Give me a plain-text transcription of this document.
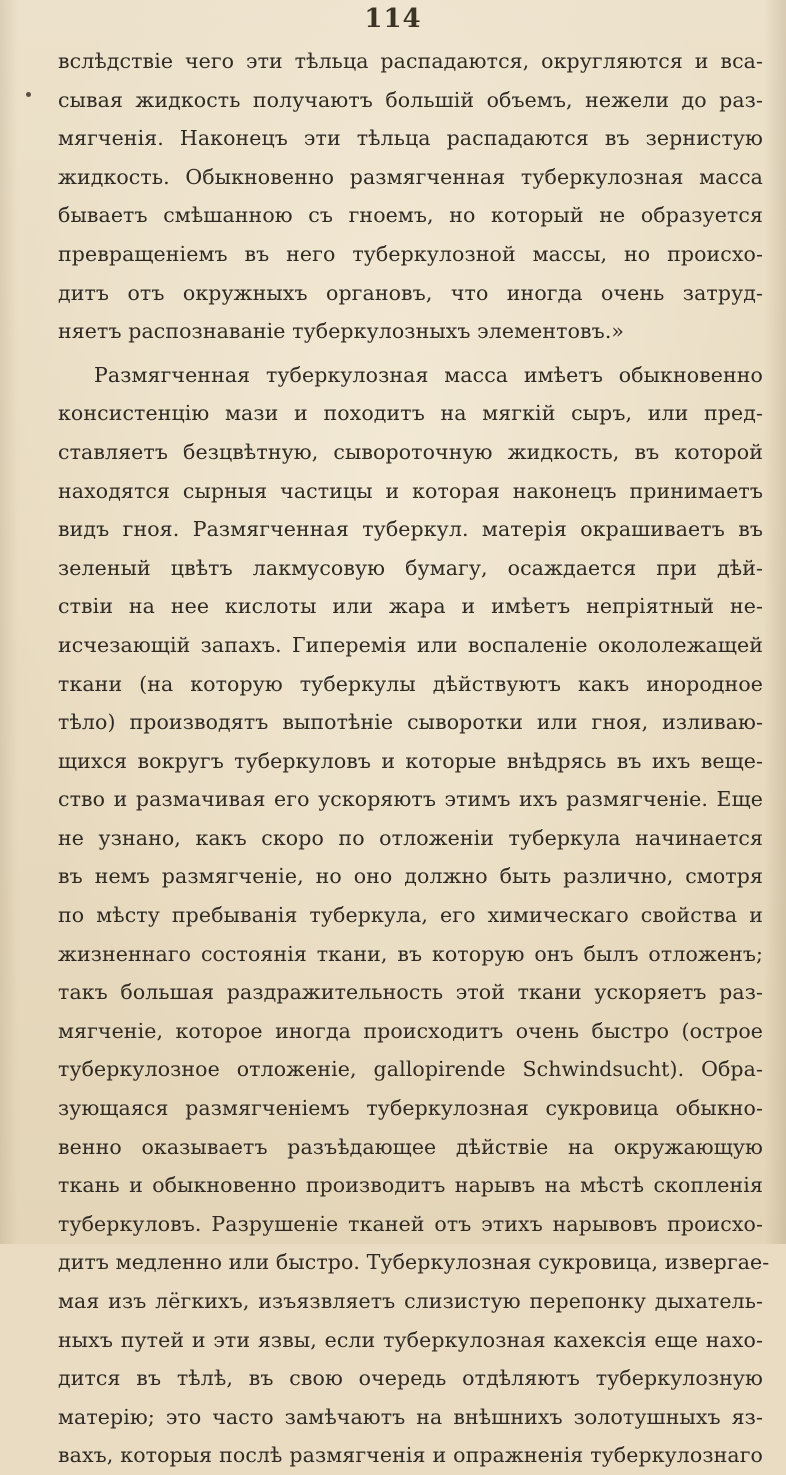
114
вслѣдствіе чего эти тѣльца распадаются, округляются и вса-
сывая жидкость получаютъ большій объемъ, нежели до раз-
мягченія. Наконецъ эти тѣльца распадаются въ зернистую
жидкость. Обыкновенно размягченная туберкулозная масса
бываетъ смѣшанною съ гноемъ, но который не образуется
превращеніемъ въ него туберкулозной массы, но происхо-
дитъ отъ окружныхъ органовъ, что иногда очень затруд-
няетъ распознаваніе туберкулозныхъ элементовъ.»
Размягченная туберкулозная масса имѣетъ обыкновенно
консистенцію мази и походитъ на мягкій сыръ, или пред-
ставляетъ безцвѣтную, сывороточную жидкость, въ которой
находятся сырныя частицы и которая наконецъ принимаетъ
видъ гноя. Размягченная туберкул. матерія окрашиваетъ въ
зеленый цвѣтъ лакмусовую бумагу, осаждается при дѣй-
ствіи на нее кислоты или жара и имѣетъ непріятный не-
исчезающій запахъ. Гиперемія или воспаленіе окололежащей
ткани (на которую туберкулы дѣйствуютъ какъ инородное
тѣло) производятъ выпотѣніе сыворотки или гноя, изливаю-
щихся вокругъ туберкуловъ и которые внѣдрясь въ ихъ веще-
ство и размачивая его ускоряютъ этимъ ихъ размягченіе. Еще
не узнано, какъ скоро по отложеніи туберкула начинается
въ немъ размягченіе, но оно должно быть различно, смотря
по мѣсту пребыванія туберкула, его химическаго свойства и
жизненнаго состоянія ткани, въ которую онъ былъ отложенъ;
такъ большая раздражительность этой ткани ускоряетъ раз-
мягченіе, которое иногда происходитъ очень быстро (острое
туберкулозное отложеніе, gallopirende Schwindsucht). Обра-
зующаяся размягченіемъ туберкулозная сукровица обыкно-
венно оказываетъ разъѣдающее дѣйствіе на окружающую
ткань и обыкновенно производитъ нарывъ на мѣстѣ скопленія
туберкуловъ. Разрушеніе тканей отъ этихъ нарывовъ происхо-
дитъ медленно или быстро. Туберкулозная сукровица, извергае-
мая изъ лёгкихъ, изъязвляетъ слизистую перепонку дыхатель-
ныхъ путей и эти язвы, если туберкулозная кахексія еще нахо-
дится въ тѣлѣ, въ свою очередь отдѣляютъ туберкулозную
матерію; это часто замѣчаютъ на внѣшнихъ золотушныхъ яз-
вахъ, которыя послѣ размягченія и опражненія туберкулознаго
